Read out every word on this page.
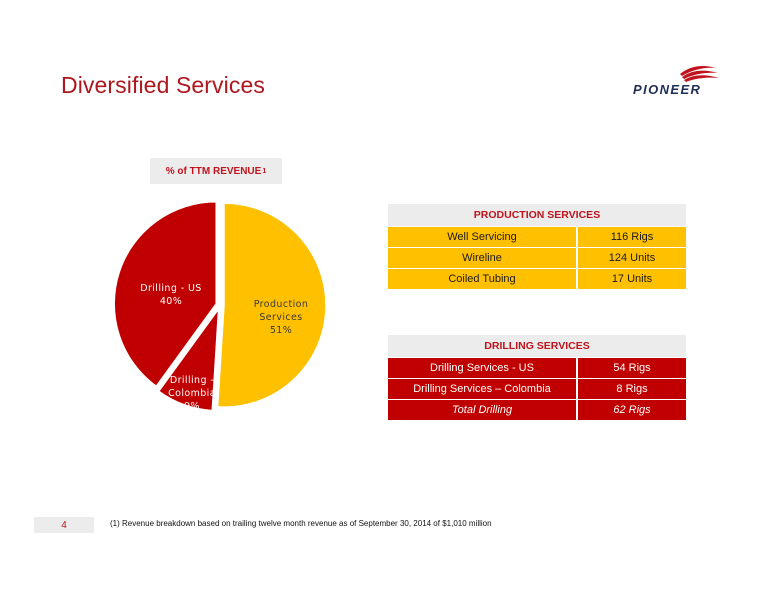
Diversified Services	PIONEER
% of TTM REVENUE 1
Production
Services
51%
Drilling - US
40%
Drilling -
Colombia
9%
PRODUCTION SERVICES	
Well Servicing	116 Rigs
Wireline	124 Units
Coiled Tubing	17 Units
DRILLING SERVICES	
Drilling Services - US	54 Rigs
Drilling Services – Colombia	8 Rigs
Total Drilling	62 Rigs
4	(1) Revenue breakdown based on trailing twelve month revenue as of September 30, 2014 of $1,010 million
